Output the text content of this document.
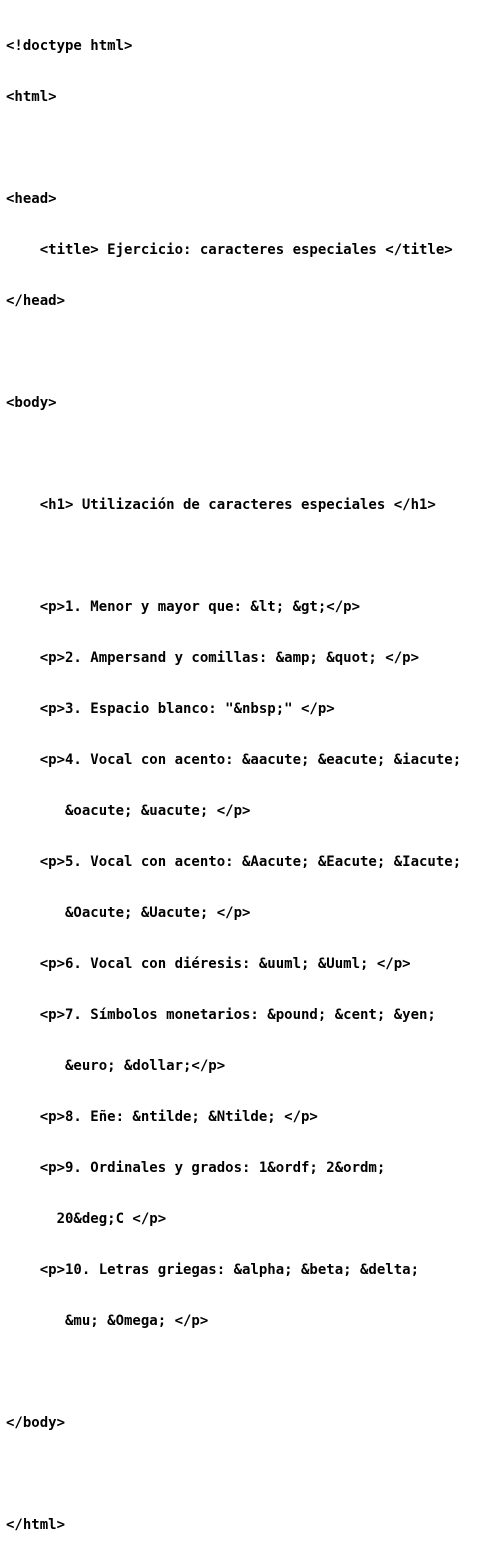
<!doctype html>

<html>

<head>

<title> Ejercicio: caracteres especiales </title>

</head>

<body>

<h1> Utilización de caracteres especiales </h1>

<p>1. Menor y mayor que: &lt; &gt;</p>

<p>2. Ampersand y comillas: &amp; &quot; </p>

<p>3. Espacio blanco: "&nbsp;" </p>

<p>4. Vocal con acento: &aacute; &eacute; &iacute;

&oacute; &uacute; </p>

<p>5. Vocal con acento: &Aacute; &Eacute; &Iacute;

&Oacute; &Uacute; </p>

<p>6. Vocal con diéresis: &uuml; &Uuml; </p>

<p>7. Símbolos monetarios: &pound; &cent; &yen;

&euro; &dollar;</p>

<p>8. Eñe: &ntilde; &Ntilde; </p>

<p>9. Ordinales y grados: 1&ordf; 2&ordm;

20&deg;C </p>

<p>10. Letras griegas: &alpha; &beta; &delta;

&mu; &Omega; </p>

</body>

</html>
